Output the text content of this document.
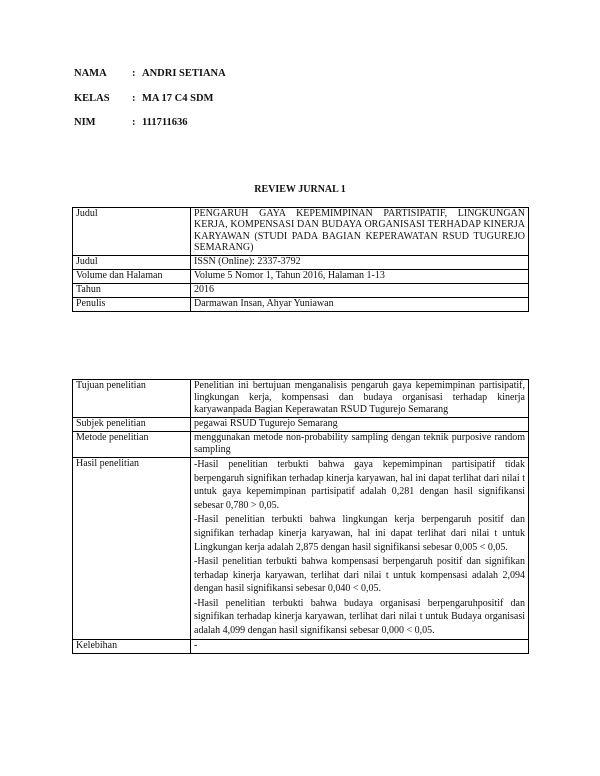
NAMA	: ANDRI SETIANA
KELAS	: MA 17 C4 SDM
NIM	: 111711636
REVIEW JURNAL 1
Judul	PENGARUH GAYA KEPEMIMPINAN PARTISIPATIF, LINGKUNGAN KERJA, KOMPENSASI DAN BUDAYA ORGANISASI TERHADAP KINERJA KARYAWAN (STUDI PADA BAGIAN KEPERAWATAN RSUD TUGUREJO SEMARANG)
Judul	ISSN (Online): 2337-3792
Volume dan Halaman	Volume 5 Nomor 1, Tahun 2016, Halaman 1-13
Tahun	2016
Penulis	Darmawan Insan, Ahyar Yuniawan
Tujuan penelitian	Penelitian ini bertujuan menganalisis pengaruh gaya kepemimpinan partisipatif, lingkungan kerja, kompensasi dan budaya organisasi terhadap kinerja karyawanpada Bagian Keperawatan RSUD Tugurejo Semarang
Subjek penelitian	pegawai RSUD Tugurejo Semarang
Metode penelitian	menggunakan metode non-probability sampling dengan teknik purposive random sampling
Hasil penelitian	-Hasil penelitian terbukti bahwa gaya kepemimpinan partisipatif tidak berpengaruh signifikan terhadap kinerja karyawan, hal ini dapat terlihat dari nilai t untuk gaya kepemimpinan partisipatif adalah 0,281 dengan hasil signifikansi sebesar 0,780 > 0,05.
-Hasil penelitian terbukti bahwa lingkungan kerja berpengaruh positif dan signifikan terhadap kinerja karyawan, hal ini dapat terlihat dari nilai t untuk Lingkungan kerja adalah 2,875 dengan hasil signifikansi sebesar 0,005 < 0,05.
-Hasil penelitian terbukti bahwa kompensasi berpengaruh positif dan signifikan terhadap kinerja karyawan, terlihat dari nilai t untuk kompensasi adalah 2,094 dengan hasil signifikansi sebesar 0,040 < 0,05.
-Hasil penelitian terbukti bahwa budaya organisasi berpengaruhpositif dan signifikan terhadap kinerja karyawan, terlihat dari nilai t untuk Budaya organisasi adalah 4,099 dengan hasil signifikansi sebesar 0,000 < 0,05.

Kelebihan	-
